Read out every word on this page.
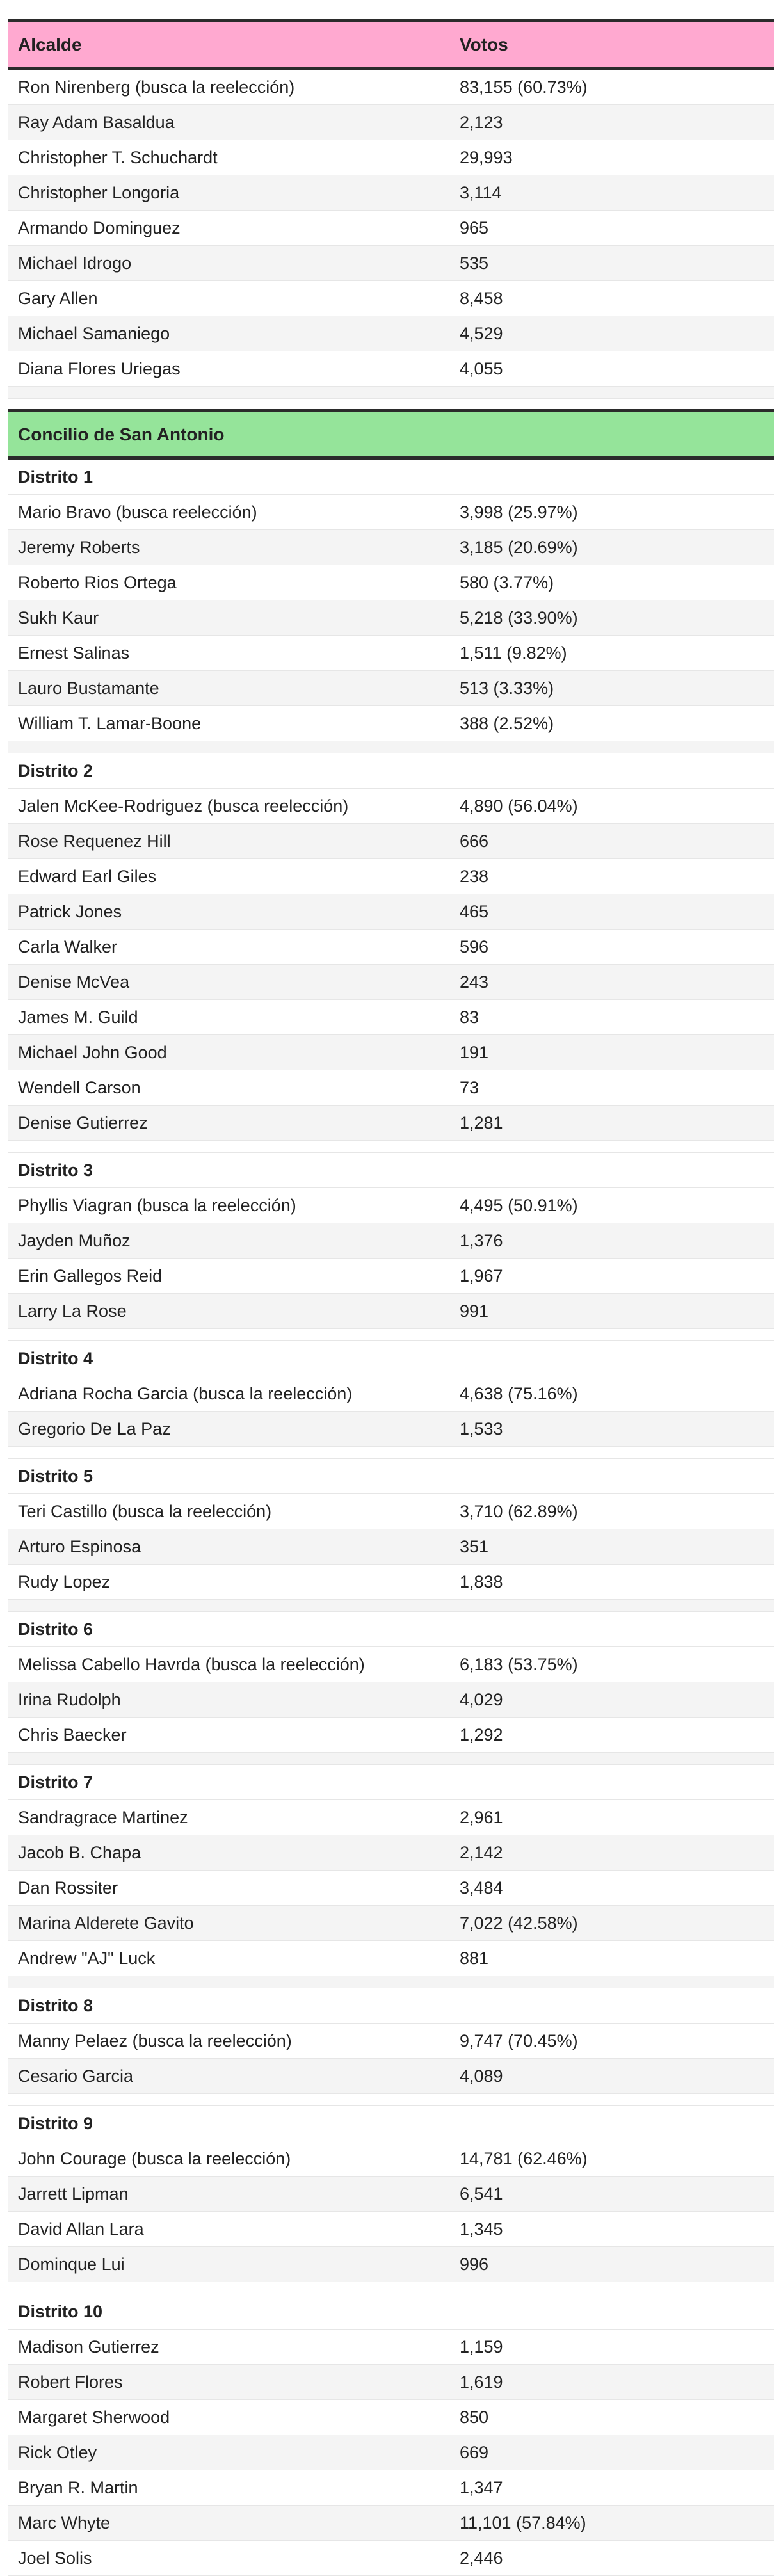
Alcalde	Votos
Ron Nirenberg (busca la reelección)	83,155 (60.73%)
Ray Adam Basaldua	2,123
Christopher T. Schuchardt	29,993
Christopher Longoria	3,114
Armando Dominguez	965
Michael Idrogo	535
Gary Allen	8,458
Michael Samaniego	4,529
Diana Flores Uriegas	4,055

Concilio de San Antonio	
Distrito 1	
Mario Bravo (busca reelección)	3,998 (25.97%)
Jeremy Roberts	3,185 (20.69%)
Roberto Rios Ortega	580 (3.77%)
Sukh Kaur	5,218 (33.90%)
Ernest Salinas	1,511 (9.82%)
Lauro Bustamante	513 (3.33%)
William T. Lamar-Boone	388 (2.52%)

Distrito 2	
Jalen McKee-Rodriguez (busca reelección)	4,890 (56.04%)
Rose Requenez Hill	666
Edward Earl Giles	238
Patrick Jones	465
Carla Walker	596
Denise McVea	243
James M. Guild	83
Michael John Good	191
Wendell Carson	73
Denise Gutierrez	1,281

Distrito 3	
Phyllis Viagran (busca la reelección)	4,495 (50.91%)
Jayden Muñoz	1,376
Erin Gallegos Reid	1,967
Larry La Rose	991

Distrito 4	
Adriana Rocha Garcia (busca la reelección)	4,638 (75.16%)
Gregorio De La Paz	1,533

Distrito 5	
Teri Castillo (busca la reelección)	3,710 (62.89%)
Arturo Espinosa	351
Rudy Lopez	1,838

Distrito 6	
Melissa Cabello Havrda (busca la reelección)	6,183 (53.75%)
Irina Rudolph	4,029
Chris Baecker	1,292

Distrito 7	
Sandragrace Martinez	2,961
Jacob B. Chapa	2,142
Dan Rossiter	3,484
Marina Alderete Gavito	7,022 (42.58%)
Andrew "AJ" Luck	881

Distrito 8	
Manny Pelaez (busca la reelección)	9,747 (70.45%)
Cesario Garcia	4,089

Distrito 9	
John Courage (busca la reelección)	14,781 (62.46%)
Jarrett Lipman	6,541
David Allan Lara	1,345
Dominque Lui	996

Distrito 10	
Madison Gutierrez	1,159
Robert Flores	1,619
Margaret Sherwood	850
Rick Otley	669
Bryan R. Martin	1,347
Marc Whyte	11,101 (57.84%)
Joel Solis	2,446
